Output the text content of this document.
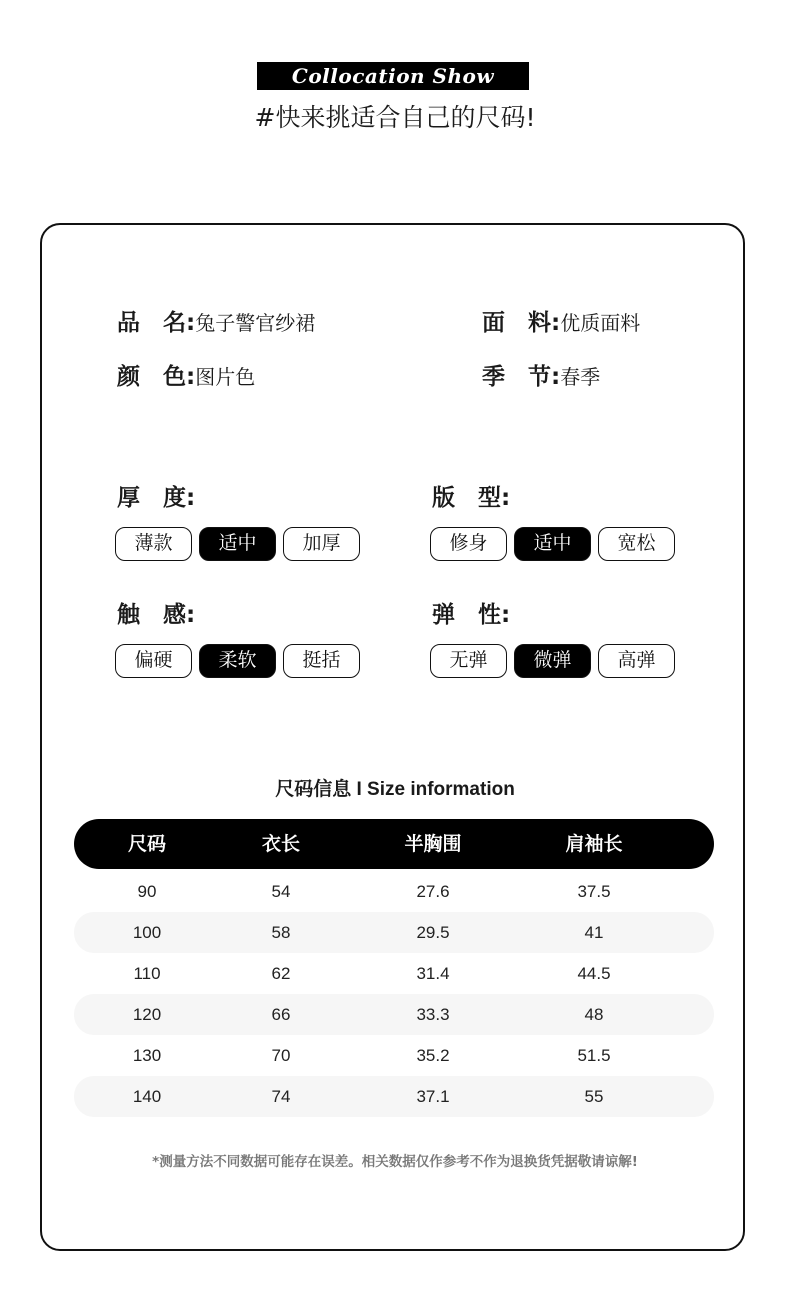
Collocation Show
#快来挑适合自己的尺码!
品　名:兔子警官纱裙	面　料:优质面料
颜　色:图片色	季　节:春季
厚　度:
薄款	适中	加厚
版　型:
修身	适中	宽松
触　感:
偏硬	柔软	挺括
弹　性:
无弹	微弹	高弹
尺码信息 I Size information
尺码	衣长	半胸围	肩袖长
90	54	27.6	37.5
100	58	29.5	41
110	62	31.4	44.5
120	66	33.3	48
130	70	35.2	51.5
140	74	37.1	55
*测量方法不同数据可能存在误差。相关数据仅作参考不作为退换货凭据敬请谅解!
